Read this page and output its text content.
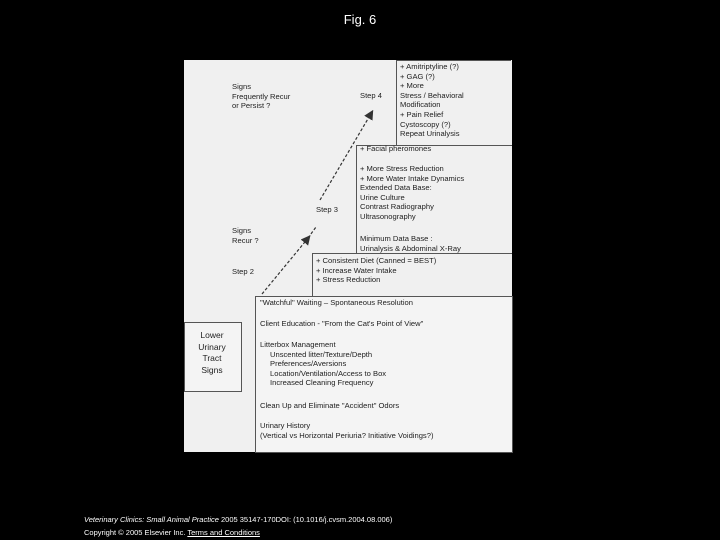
Fig. 6
Signs
Frequently Recur
or Persist ?
Step 4
Step 3
Signs
Recur ?
Step 2
Lower
Urinary
Tract
Signs
+ Amitriptyline (?)
+ GAG (?)
+ More
Stress / Behavioral
Modification
+ Pain Relief
Cystoscopy (?)
Repeat Urinalysis
+ Facial pheromones
+ More Stress Reduction
+ More Water Intake Dynamics
Extended Data Base:
Urine Culture
Contrast Radiography
Ultrasonography
Minimum Data Base :
Urinalysis & Abdominal X-Ray
+ Consistent Diet (Canned = BEST)
+ Increase Water Intake
+ Stress Reduction
"Watchful" Waiting – Spontaneous Resolution
Client Education - "From the Cat's Point of View"
Litterbox Management
Unscented litter/Texture/Depth
Preferences/Aversions
Location/Ventilation/Access to Box
Increased Cleaning Frequency
Clean Up and Eliminate "Accident" Odors
Urinary History
(Vertical vs Horizontal Periuria? Initiative Voidings?)
Veterinary Clinics: Small Animal Practice 2005 35147-170DOI: (10.1016/j.cvsm.2004.08.006)
Copyright © 2005 Elsevier Inc. Terms and Conditions
